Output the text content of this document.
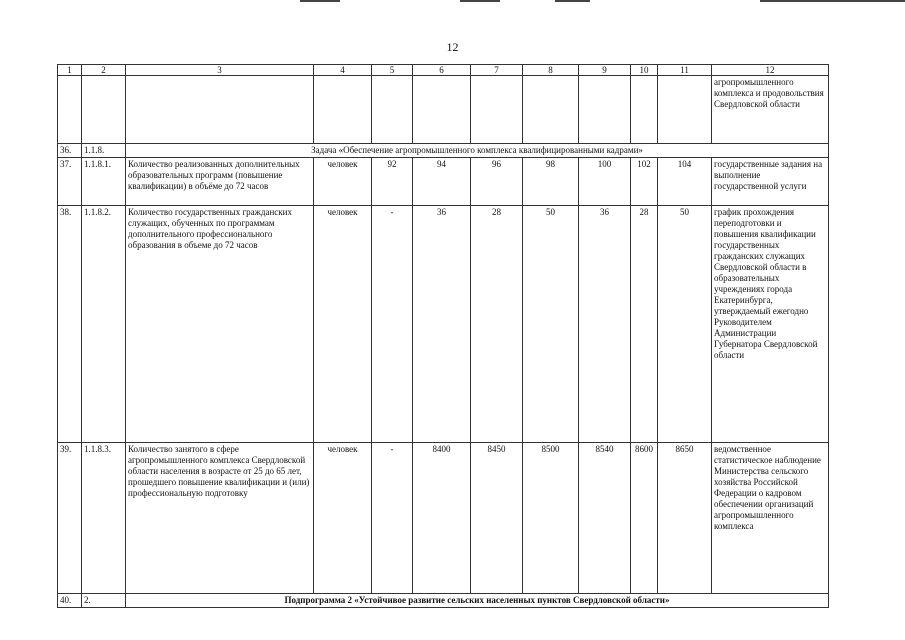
12
1	2	3	4	5	6	7	8	9	10	11	12
											агропромышленного комплекса и продовольствия Свердловской области
36.	1.1.8.	Задача «Обеспечение агропромышленного комплекса квалифицированными кадрами»									
37.	1.1.8.1.	Количество реализованных дополнительных образовательных программ (повышение квалификации) в объёме до 72 часов	человек	92	94	96	98	100	102	104	государственные задания на выполнение государственной услуги
38.	1.1.8.2.	Количество государственных гражданских служащих, обученных по программам дополнительного профессионального образования в объеме до 72 часов	человек	-	36	28	50	36	28	50	график прохождения переподготовки и повышения квалификации государственных гражданских служащих Свердловской области в образовательных учреждениях города Екатеринбурга, утверждаемый ежегодно Руководителем Администрации Губернатора Свердловской области
39.	1.1.8.3.	Количество занятого в сфере агропромышленного комплекса Свердловской области населения в возрасте от 25 до 65 лет, прошедшего повышение квалификации и (или) профессиональную подготовку	человек	-	8400	8450	8500	8540	8600	8650	ведомственное статистическое наблюдение Министерства сельского хозяйства Российской Федерации о кадровом обеспечении организаций агропромышленного комплекса
40.	2.	Подпрограмма 2 «Устойчивое развитие сельских населенных пунктов Свердловской области»									
